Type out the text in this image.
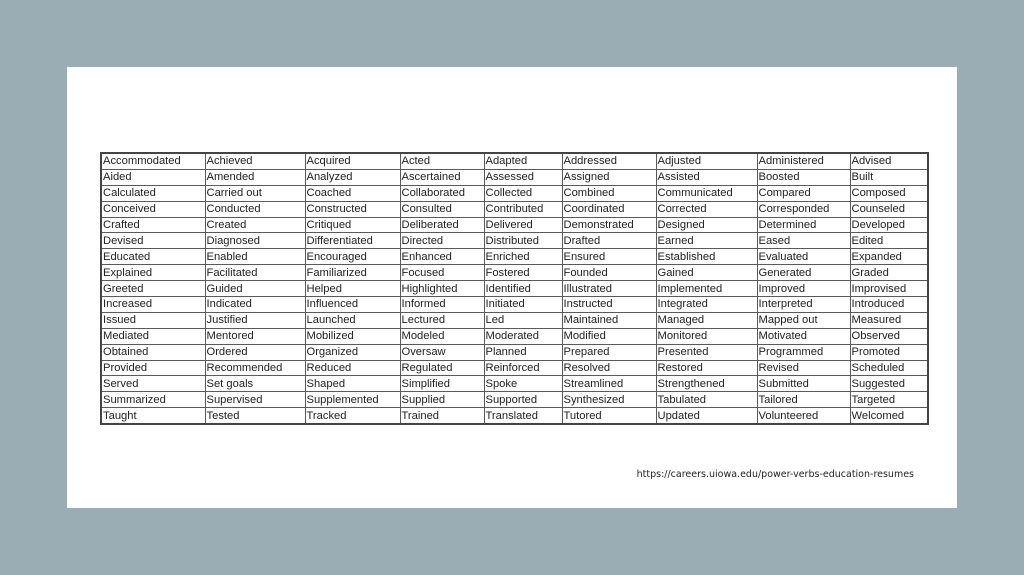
Accommodated	Achieved	Acquired	Acted	Adapted	Addressed	Adjusted	Administered	Advised
Aided	Amended	Analyzed	Ascertained	Assessed	Assigned	Assisted	Boosted	Built
Calculated	Carried out	Coached	Collaborated	Collected	Combined	Communicated	Compared	Composed
Conceived	Conducted	Constructed	Consulted	Contributed	Coordinated	Corrected	Corresponded	Counseled
Crafted	Created	Critiqued	Deliberated	Delivered	Demonstrated	Designed	Determined	Developed
Devised	Diagnosed	Differentiated	Directed	Distributed	Drafted	Earned	Eased	Edited
Educated	Enabled	Encouraged	Enhanced	Enriched	Ensured	Established	Evaluated	Expanded
Explained	Facilitated	Familiarized	Focused	Fostered	Founded	Gained	Generated	Graded
Greeted	Guided	Helped	Highlighted	Identified	Illustrated	Implemented	Improved	Improvised
Increased	Indicated	Influenced	Informed	Initiated	Instructed	Integrated	Interpreted	Introduced
Issued	Justified	Launched	Lectured	Led	Maintained	Managed	Mapped out	Measured
Mediated	Mentored	Mobilized	Modeled	Moderated	Modified	Monitored	Motivated	Observed
Obtained	Ordered	Organized	Oversaw	Planned	Prepared	Presented	Programmed	Promoted
Provided	Recommended	Reduced	Regulated	Reinforced	Resolved	Restored	Revised	Scheduled
Served	Set goals	Shaped	Simplified	Spoke	Streamlined	Strengthened	Submitted	Suggested
Summarized	Supervised	Supplemented	Supplied	Supported	Synthesized	Tabulated	Tailored	Targeted
Taught	Tested	Tracked	Trained	Translated	Tutored	Updated	Volunteered	Welcomed
https://careers.uiowa.edu/power-verbs-education-resumes
